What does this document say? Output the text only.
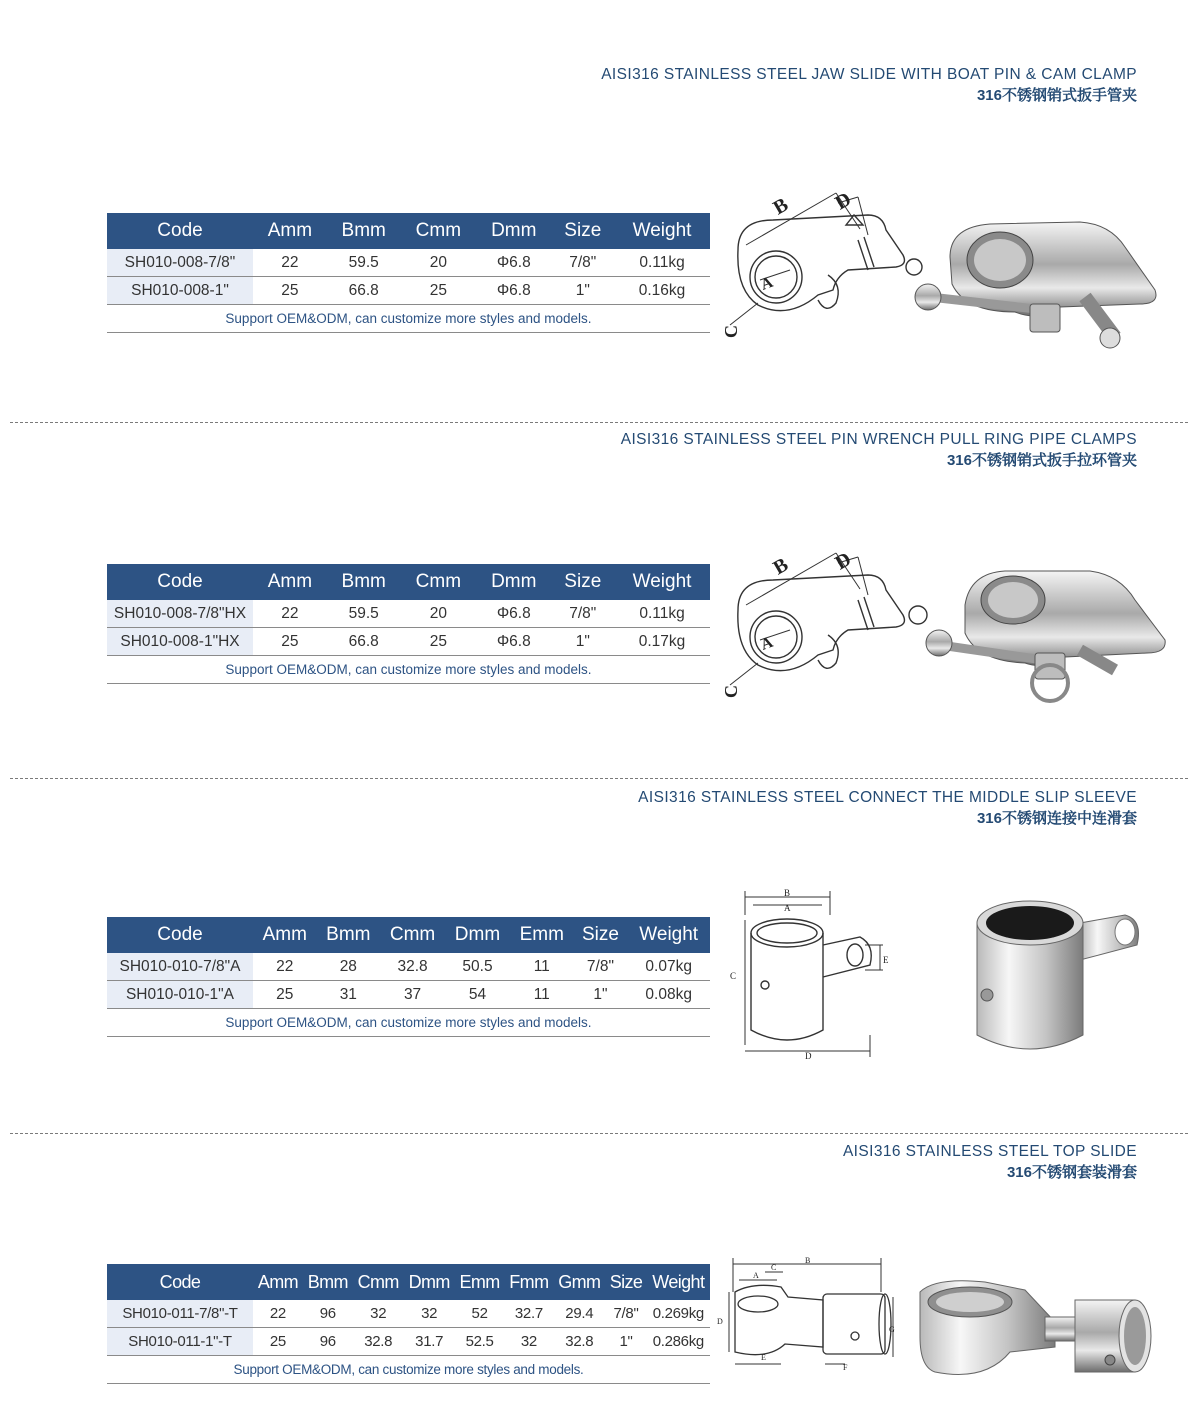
AISI316 STAINLESS STEEL JAW SLIDE WITH BOAT PIN & CAM CLAMP
316不锈钢销式扳手管夹
Code	Amm	Bmm	Cmm	Dmm	Size	Weight
SH010-008-7/8"	22	59.5	20	Φ6.8	7/8"	0.11kg
SH010-008-1"	25	66.8	25	Φ6.8	1"	0.16kg
Support OEM&ODM, can customize more styles and models.						
B D
A
C
AISI316 STAINLESS STEEL PIN WRENCH PULL RING PIPE CLAMPS
316不锈钢销式扳手拉环管夹
Code	Amm	Bmm	Cmm	Dmm	Size	Weight
SH010-008-7/8"HX	22	59.5	20	Φ6.8	7/8"	0.11kg
SH010-008-1"HX	25	66.8	25	Φ6.8	1"	0.17kg
Support OEM&ODM, can customize more styles and models.						
B D
A
C
AISI316 STAINLESS STEEL CONNECT THE MIDDLE SLIP SLEEVE
316不锈钢连接中连滑套
Code	Amm	Bmm	Cmm	Dmm	Emm	Size	Weight
SH010-010-7/8"A	22	28	32.8	50.5	11	7/8"	0.07kg
SH010-010-1"A	25	31	37	54	11	1"	0.08kg
Support OEM&ODM, can customize more styles and models.							
B
A
C
E
D
AISI316 STAINLESS STEEL TOP SLIDE
316不锈钢套装滑套
Code	Amm	Bmm	Cmm	Dmm	Emm	Fmm	Gmm	Size	Weight
SH010-011-7/8"-T	22	96	32	32	52	32.7	29.4	7/8"	0.269kg
SH010-011-1"-T	25	96	32.8	31.7	52.5	32	32.8	1"	0.286kg
Support OEM&ODM, can customize more styles and models.									
B
A
C
D
G
E
F
